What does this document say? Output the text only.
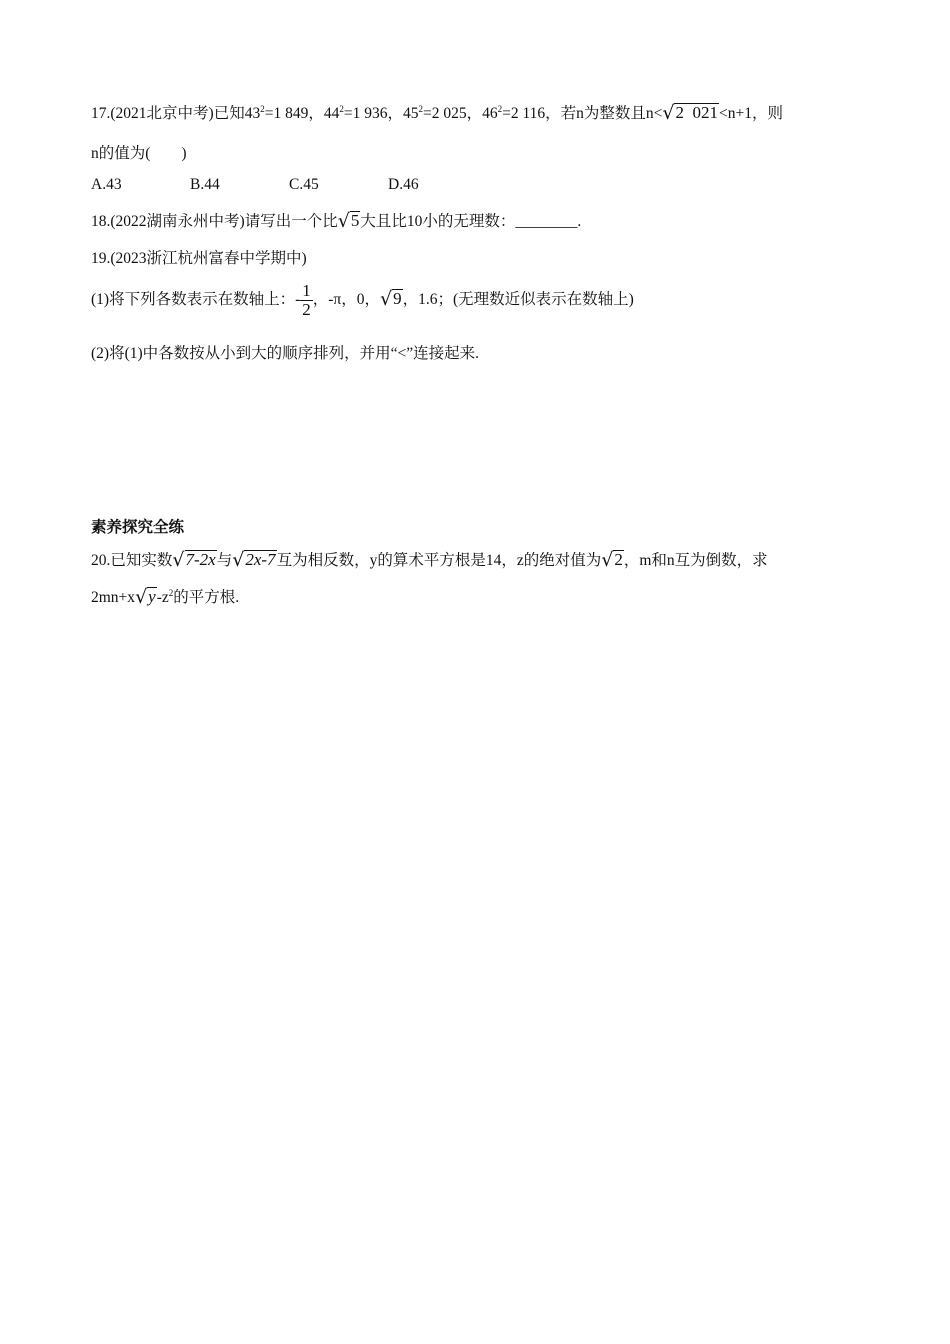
17.(2021北京中考)已知$43^2=1$ 849，$44^2=1$ 936，$45^2=2$ 025，$46^2=2$ 116，若n为整数且n<√2  021<n+1，则
n的值为(　　)
A.43	B.44	C.45	D.46
18.(2022湖南永州中考)请写出一个比√5大且比10小的无理数：________.
19.(2023浙江杭州富春中学期中)
(1)将下列各数表示在数轴上：- $\frac{1}{2}$ ，-π，0，√9，1.6；(无理数近似表示在数轴上)
(2)将(1)中各数按从小到大的顺序排列，并用“<”连接起来.
素养探究全练
20.已知实数√7-2x与√2x-7互为相反数，y的算术平方根是14，z的绝对值为√2，m和n互为倒数，求
$2mn+x√y-z^2$的平方根.
